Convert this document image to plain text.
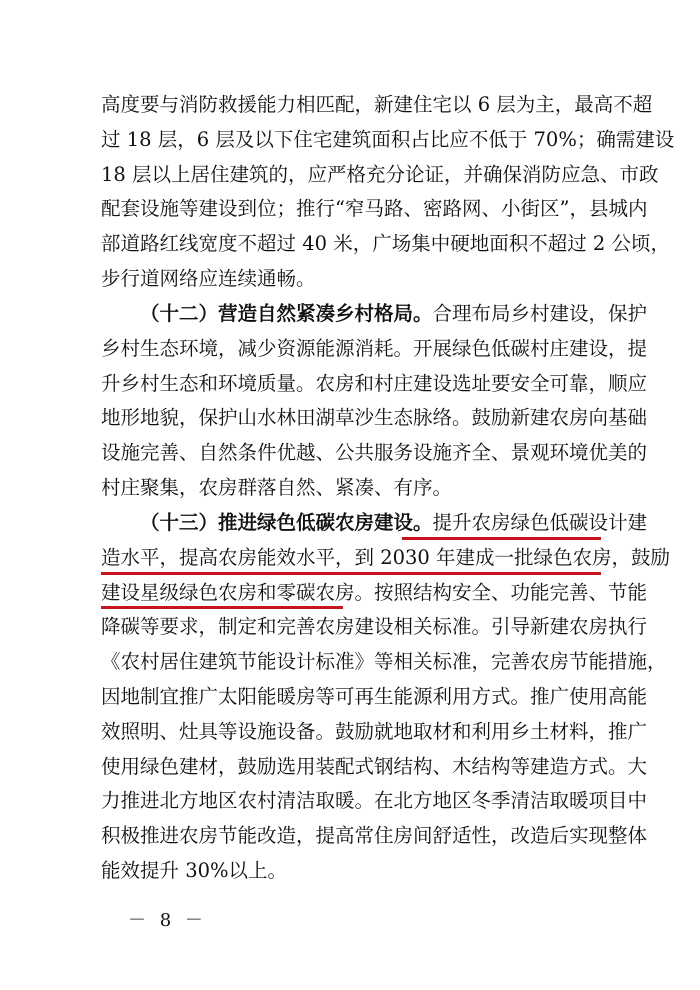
高度要与消防救援能力相匹配，新建住宅以 6 层为主，最高不超
过 18 层，6 层及以下住宅建筑面积占比应不低于 70%；确需建设
18 层以上居住建筑的，应严格充分论证，并确保消防应急、市政
配套设施等建设到位；推行“窄马路、密路网、小街区”，县城内
部道路红线宽度不超过 40 米，广场集中硬地面积不超过 2 公顷，
步行道网络应连续通畅。
（十二）营造自然紧凑乡村格局。合理布局乡村建设，保护
乡村生态环境，减少资源能源消耗。开展绿色低碳村庄建设，提
升乡村生态和环境质量。农房和村庄建设选址要安全可靠，顺应
地形地貌，保护山水林田湖草沙生态脉络。鼓励新建农房向基础
设施完善、自然条件优越、公共服务设施齐全、景观环境优美的
村庄聚集，农房群落自然、紧凑、有序。
（十三）推进绿色低碳农房建设。提升农房绿色低碳设计建
造水平，提高农房能效水平，到 2030 年建成一批绿色农房，鼓励
建设星级绿色农房和零碳农房。按照结构安全、功能完善、节能
降碳等要求，制定和完善农房建设相关标准。引导新建农房执行
《农村居住建筑节能设计标准》等相关标准，完善农房节能措施，
因地制宜推广太阳能暖房等可再生能源利用方式。推广使用高能
效照明、灶具等设施设备。鼓励就地取材和利用乡土材料，推广
使用绿色建材，鼓励选用装配式钢结构、木结构等建造方式。大
力推进北方地区农村清洁取暖。在北方地区冬季清洁取暖项目中
积极推进农房节能改造，提高常住房间舒适性，改造后实现整体
能效提升 30%以上。
－ 8 －
